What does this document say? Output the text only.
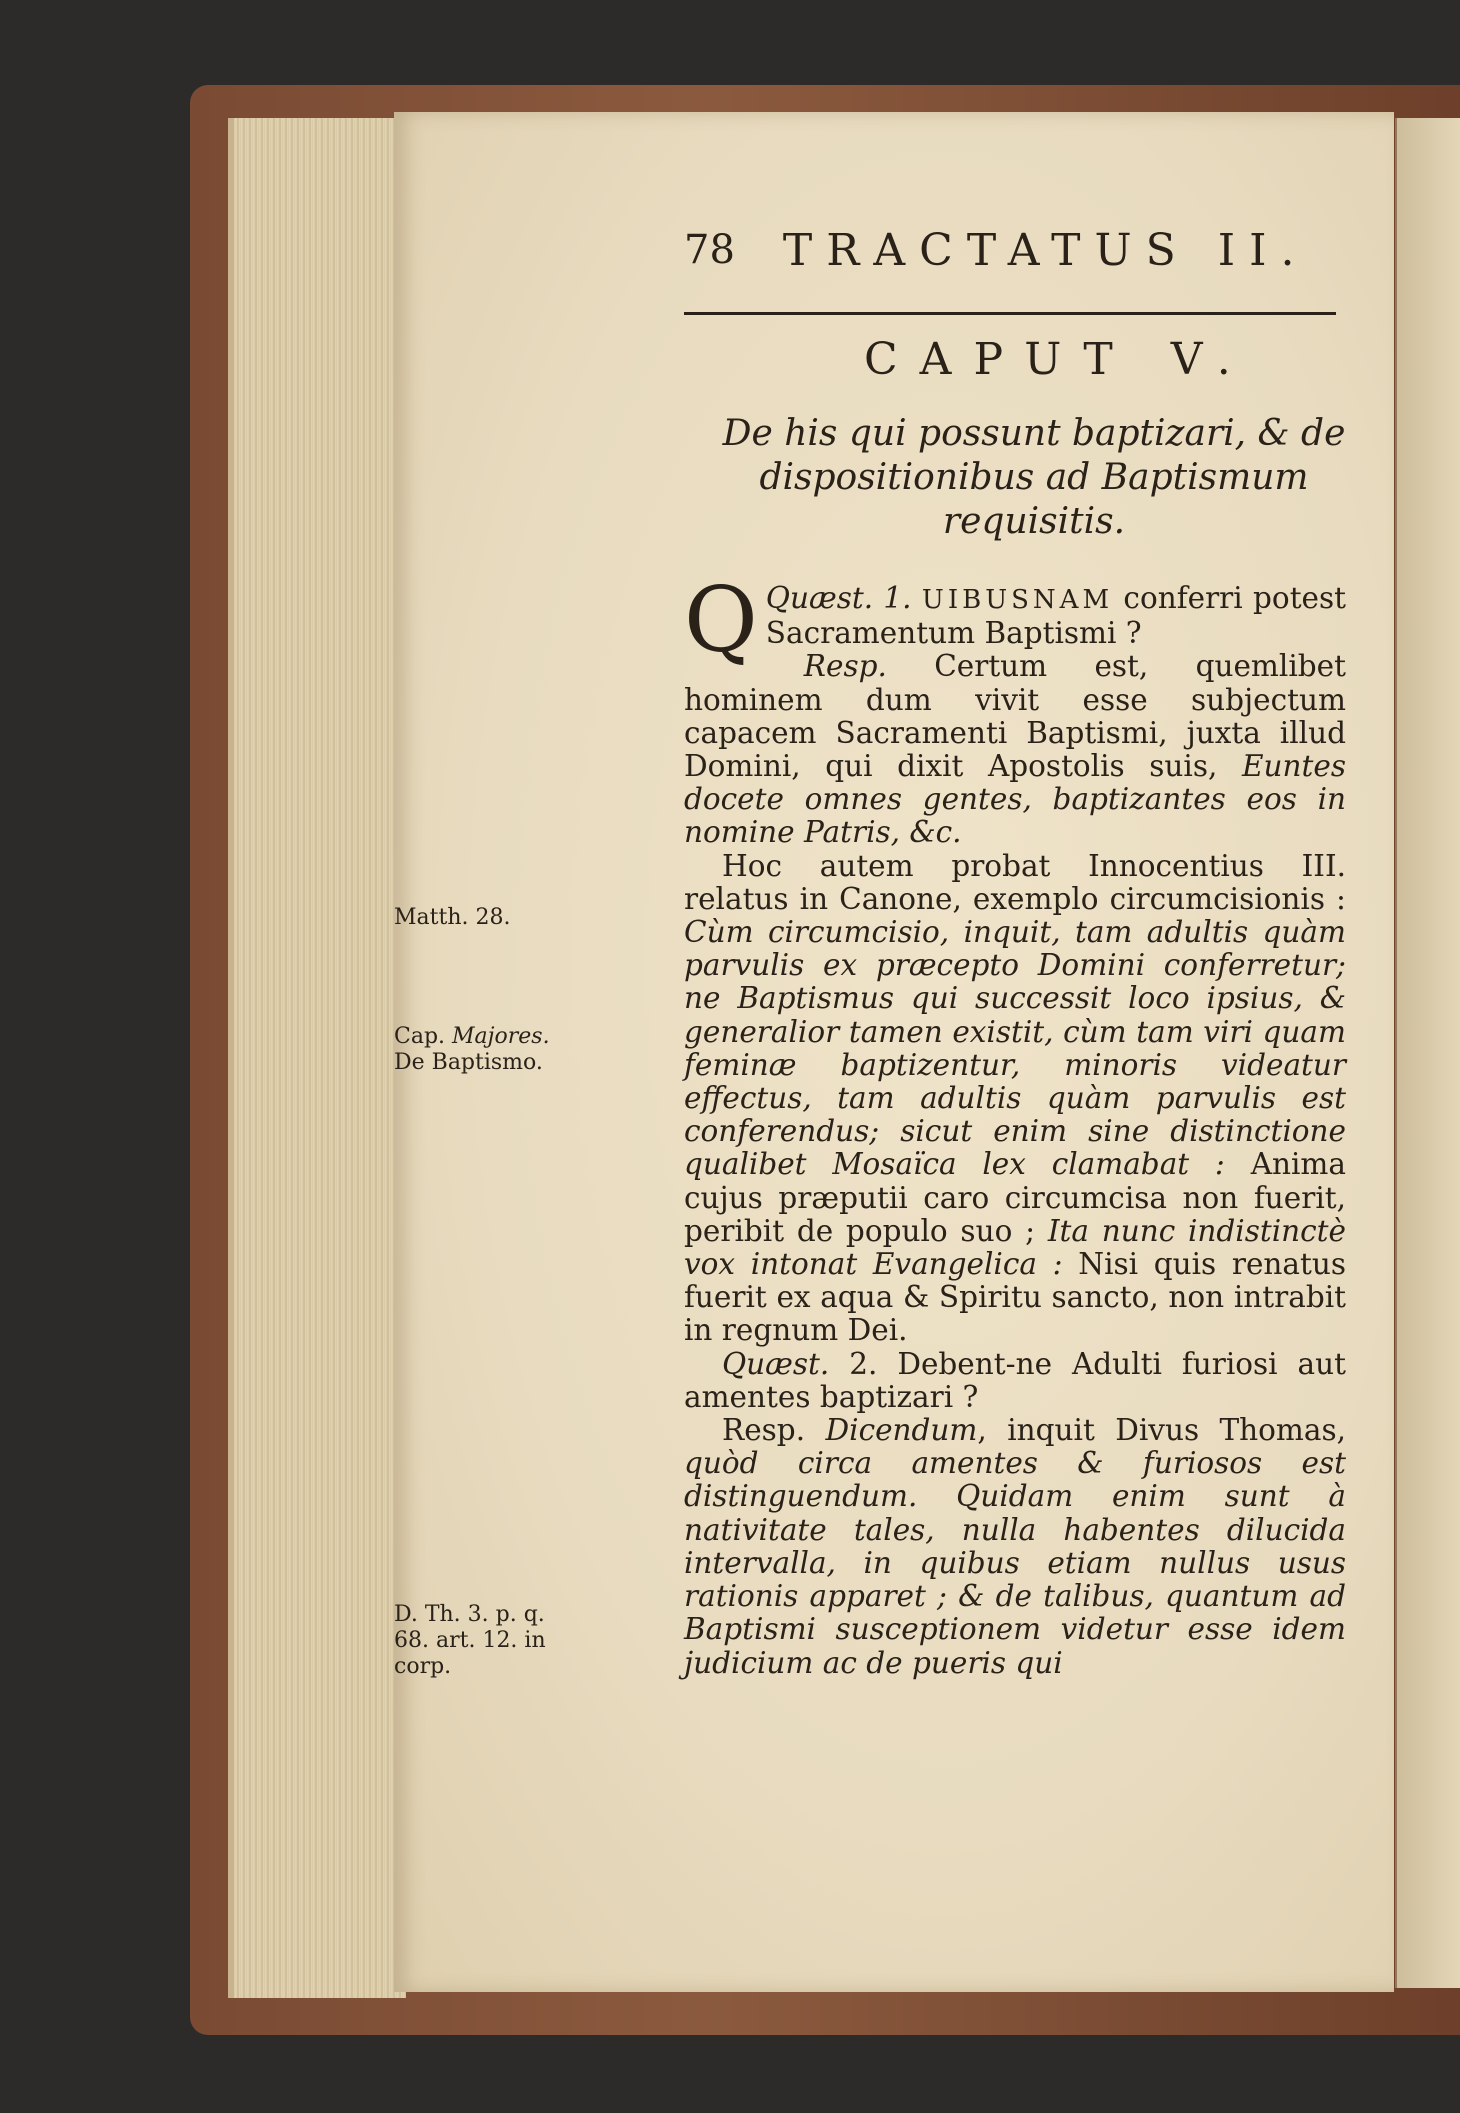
78 TRACTATUS II.
CAPUT V.
De his qui possunt baptizari, & de dispositionibus ad Baptismum requisitis.

Quæst. 1.
Q	UIBUSNAM conferri potest Sacramentum Baptismi ?

Resp. Certum est, quemlibet hominem dum vivit esse subjectum capacem Sacramenti Baptismi, juxta illud Domini, qui dixit Apostolis suis, Euntes docete omnes gentes, baptizantes eos in nomine Patris, &c.

Hoc autem probat Innocentius III. relatus in Canone, exemplo circumcisionis : Cùm circumcisio, inquit, tam adultis quàm parvulis ex præcepto Domini conferretur; ne Baptismus qui successit loco ipsius, & generalior tamen existit, cùm tam viri quam feminæ baptizentur, minoris videatur effectus, tam adultis quàm parvulis est conferendus; sicut enim sine distinctione qualibet Mosaïca lex clamabat : Anima cujus præputii caro circumcisa non fuerit, peribit de populo suo ; Ita nunc indistinctè vox intonat Evangelica : Nisi quis renatus fuerit ex aqua & Spiritu sancto, non intrabit in regnum Dei.

Quæst. 2. Debent-ne Adulti furiosi aut amentes baptizari ?

Resp. Dicendum, inquit Divus Thomas, quòd circa amentes & furiosos est distinguendum. Quidam enim sunt à nativitate tales, nulla habentes dilucida intervalla, in quibus etiam nullus usus rationis apparet ; & de talibus, quantum ad Baptismi susceptionem videtur esse idem judicium ac de pueris qui

Matth. 28.
Cap. Majores. De Baptismo.
D. Th. 3. p. q. 68. art. 12. in corp.
